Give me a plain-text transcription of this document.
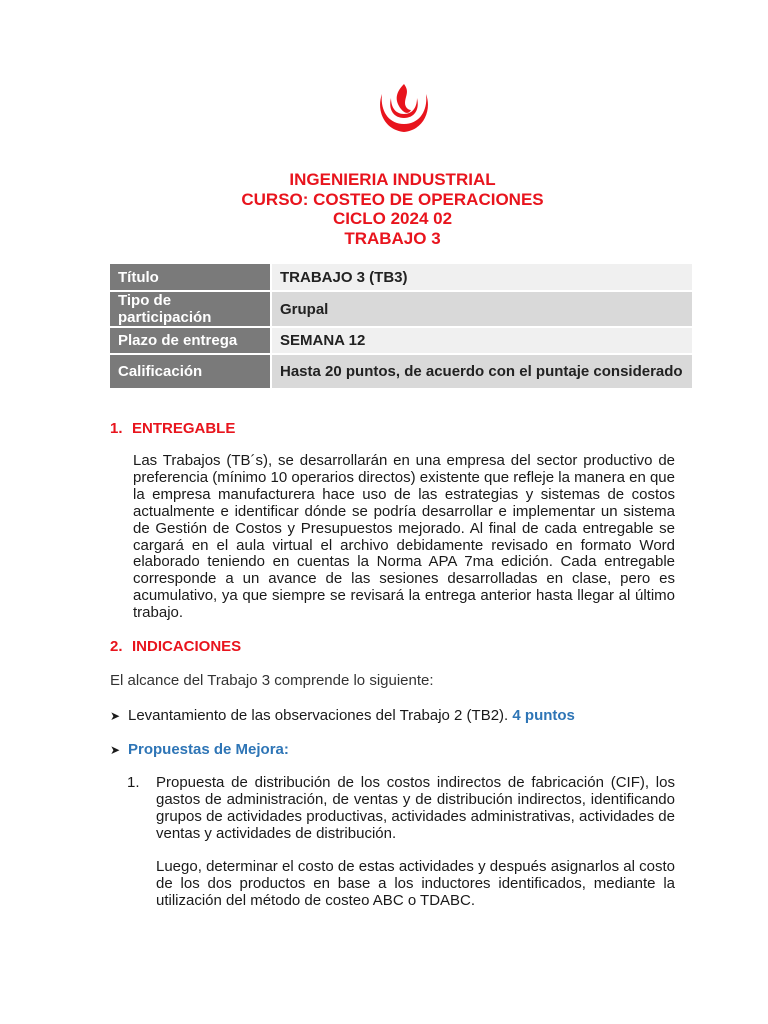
INGENIERIA INDUSTRIAL
CURSO: COSTEO DE OPERACIONES
CICLO 2024 02
TRABAJO 3
Título	TRABAJO 3 (TB3)
Tipo de participación	Grupal
Plazo de entrega	SEMANA 12
Calificación	Hasta 20 puntos, de acuerdo con el puntaje considerado
1. ENTREGABLE
Las Trabajos (TB´s), se desarrollarán en una empresa del sector productivo de preferencia (mínimo 10 operarios directos) existente que refleje la manera en que la empresa manufacturera hace uso de las estrategias y sistemas de costos actualmente e identificar dónde se podría desarrollar e implementar un sistema de Gestión de Costos y Presupuestos mejorado. Al final de cada entregable se cargará en el aula virtual el archivo debidamente revisado en formato Word elaborado teniendo en cuentas la Norma APA 7ma edición. Cada entregable corresponde a un avance de las sesiones desarrolladas en clase, pero es acumulativo, ya que siempre se revisará la entrega anterior hasta llegar al último trabajo.
2. INDICACIONES
El alcance del Trabajo 3 comprende lo siguiente:
➤ Levantamiento de las observaciones del Trabajo 2 (TB2). 4 puntos
➤ Propuestas de Mejora:
1. Propuesta de distribución de los costos indirectos de fabricación (CIF), los gastos de administración, de ventas y de distribución indirectos, identificando grupos de actividades productivas, actividades administrativas, actividades de ventas y actividades de distribución.
Luego, determinar el costo de estas actividades y después asignarlos al costo de los dos productos en base a los inductores identificados, mediante la utilización del método de costeo ABC o TDABC.
